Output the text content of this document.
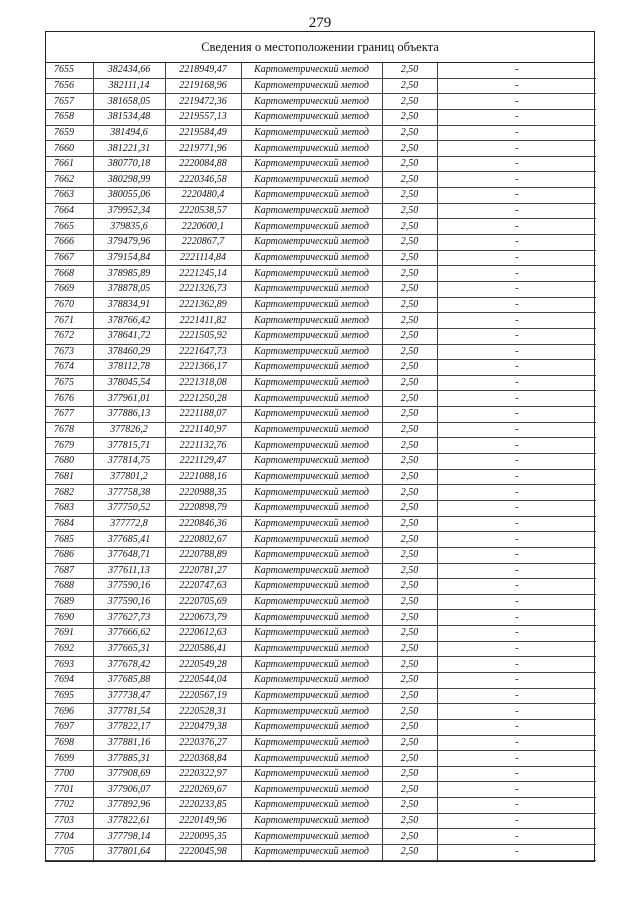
279
Сведения о местоположении границ объекта
7655	382434,66	2218949,47	Картометрический метод	2,50	-
7656	382111,14	2219168,96	Картометрический метод	2,50	-
7657	381658,05	2219472,36	Картометрический метод	2,50	-
7658	381534,48	2219557,13	Картометрический метод	2,50	-
7659	381494,6	2219584,49	Картометрический метод	2,50	-
7660	381221,31	2219771,96	Картометрический метод	2,50	-
7661	380770,18	2220084,88	Картометрический метод	2,50	-
7662	380298,99	2220346,58	Картометрический метод	2,50	-
7663	380055,06	2220480,4	Картометрический метод	2,50	-
7664	379952,34	2220538,57	Картометрический метод	2,50	-
7665	379835,6	2220600,1	Картометрический метод	2,50	-
7666	379479,96	2220867,7	Картометрический метод	2,50	-
7667	379154,84	2221114,84	Картометрический метод	2,50	-
7668	378985,89	2221245,14	Картометрический метод	2,50	-
7669	378878,05	2221326,73	Картометрический метод	2,50	-
7670	378834,91	2221362,89	Картометрический метод	2,50	-
7671	378766,42	2221411,82	Картометрический метод	2,50	-
7672	378641,72	2221505,92	Картометрический метод	2,50	-
7673	378460,29	2221647,73	Картометрический метод	2,50	-
7674	378112,78	2221366,17	Картометрический метод	2,50	-
7675	378045,54	2221318,08	Картометрический метод	2,50	-
7676	377961,01	2221250,28	Картометрический метод	2,50	-
7677	377886,13	2221188,07	Картометрический метод	2,50	-
7678	377826,2	2221140,97	Картометрический метод	2,50	-
7679	377815,71	2221132,76	Картометрический метод	2,50	-
7680	377814,75	2221129,47	Картометрический метод	2,50	-
7681	377801,2	2221088,16	Картометрический метод	2,50	-
7682	377758,38	2220988,35	Картометрический метод	2,50	-
7683	377750,52	2220898,79	Картометрический метод	2,50	-
7684	377772,8	2220846,36	Картометрический метод	2,50	-
7685	377685,41	2220802,67	Картометрический метод	2,50	-
7686	377648,71	2220788,89	Картометрический метод	2,50	-
7687	377611,13	2220781,27	Картометрический метод	2,50	-
7688	377590,16	2220747,63	Картометрический метод	2,50	-
7689	377590,16	2220705,69	Картометрический метод	2,50	-
7690	377627,73	2220673,79	Картометрический метод	2,50	-
7691	377666,62	2220612,63	Картометрический метод	2,50	-
7692	377665,31	2220586,41	Картометрический метод	2,50	-
7693	377678,42	2220549,28	Картометрический метод	2,50	-
7694	377685,88	2220544,04	Картометрический метод	2,50	-
7695	377738,47	2220567,19	Картометрический метод	2,50	-
7696	377781,54	2220528,31	Картометрический метод	2,50	-
7697	377822,17	2220479,38	Картометрический метод	2,50	-
7698	377881,16	2220376,27	Картометрический метод	2,50	-
7699	377885,31	2220368,84	Картометрический метод	2,50	-
7700	377908,69	2220322,97	Картометрический метод	2,50	-
7701	377906,07	2220269,67	Картометрический метод	2,50	-
7702	377892,96	2220233,85	Картометрический метод	2,50	-
7703	377822,61	2220149,96	Картометрический метод	2,50	-
7704	377798,14	2220095,35	Картометрический метод	2,50	-
7705	377801,64	2220045,98	Картометрический метод	2,50	-
